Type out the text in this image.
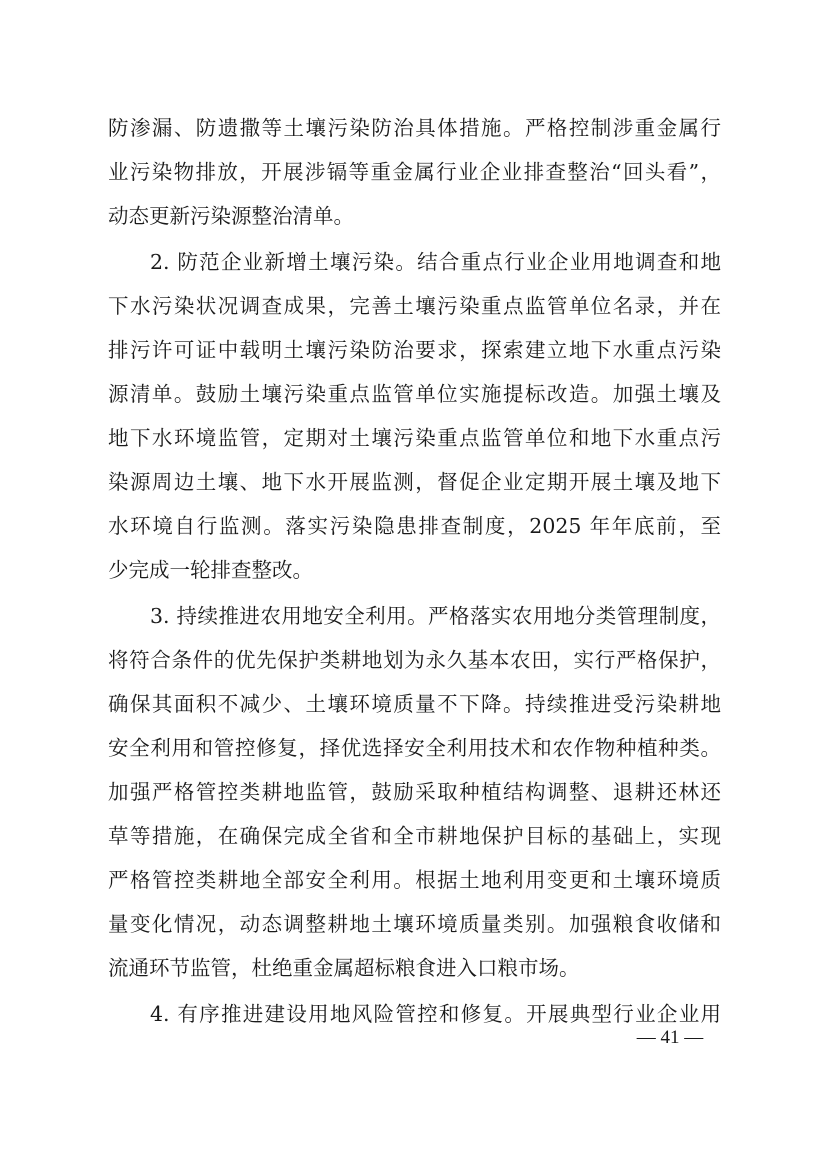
防渗漏、防遗撒等土壤污染防治具体措施。严格控制涉重金属行
业污染物排放，开展涉镉等重金属行业企业排查整治“回头看”，
动态更新污染源整治清单。
2. 防范企业新增土壤污染。结合重点行业企业用地调查和地
下水污染状况调查成果，完善土壤污染重点监管单位名录，并在
排污许可证中载明土壤污染防治要求，探索建立地下水重点污染
源清单。鼓励土壤污染重点监管单位实施提标改造。加强土壤及
地下水环境监管，定期对土壤污染重点监管单位和地下水重点污
染源周边土壤、地下水开展监测，督促企业定期开展土壤及地下
水环境自行监测。落实污染隐患排查制度，2025 年年底前，至
少完成一轮排查整改。
3. 持续推进农用地安全利用。严格落实农用地分类管理制度，
将符合条件的优先保护类耕地划为永久基本农田，实行严格保护，
确保其面积不减少、土壤环境质量不下降。持续推进受污染耕地
安全利用和管控修复，择优选择安全利用技术和农作物种植种类。
加强严格管控类耕地监管，鼓励采取种植结构调整、退耕还林还
草等措施，在确保完成全省和全市耕地保护目标的基础上，实现
严格管控类耕地全部安全利用。根据土地利用变更和土壤环境质
量变化情况，动态调整耕地土壤环境质量类别。加强粮食收储和
流通环节监管，杜绝重金属超标粮食进入口粮市场。
4. 有序推进建设用地风险管控和修复。开展典型行业企业用
— 41 —
